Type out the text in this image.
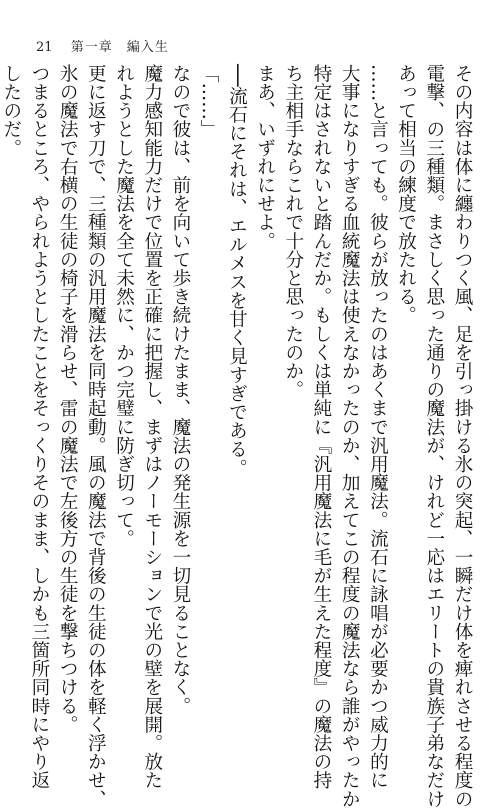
21 第一章　編入生

その内容は体に纏わりつく風、足を引っ掛ける氷の突起、一瞬だけ体を痺れさせる程度の

電撃、の三種類。まさしく思った通りの魔法が、けれど一応はエリートの貴族子弟なだけ

あって相当の練度で放たれる。

……と言っても。彼らが放ったのはあくまで汎用魔法。流石に詠唱が必要かつ威力的に

大事になりすぎる血統魔法は使えなかったのか、加えてこの程度の魔法なら誰がやったか

特定はされないと踏んだか。もしくは単純に『汎用魔法に毛が生えた程度』の魔法の持

ち主相手ならこれで十分と思ったのか。

まあ、いずれにせよ。

──流石にそれは、エルメスを甘く見すぎである。

「……」

なので彼は、前を向いて歩き続けたまま、魔法の発生源を一切見ることなく。

魔力感知能力だけで位置を正確に把握し、まずはノーモーションで光の壁を展開。放た

れようとした魔法を全て未然に、かつ完璧に防ぎ切って。

更に返す刀で、三種類の汎用魔法を同時起動。風の魔法で背後の生徒の体を軽く浮かせ、

氷の魔法で右横の生徒の椅子を滑らせ、雷の魔法で左後方の生徒を撃ちつける。

つまるところ、やられようとしたことをそっくりそのまま、しかも三箇所同時にやり返

したのだ。
